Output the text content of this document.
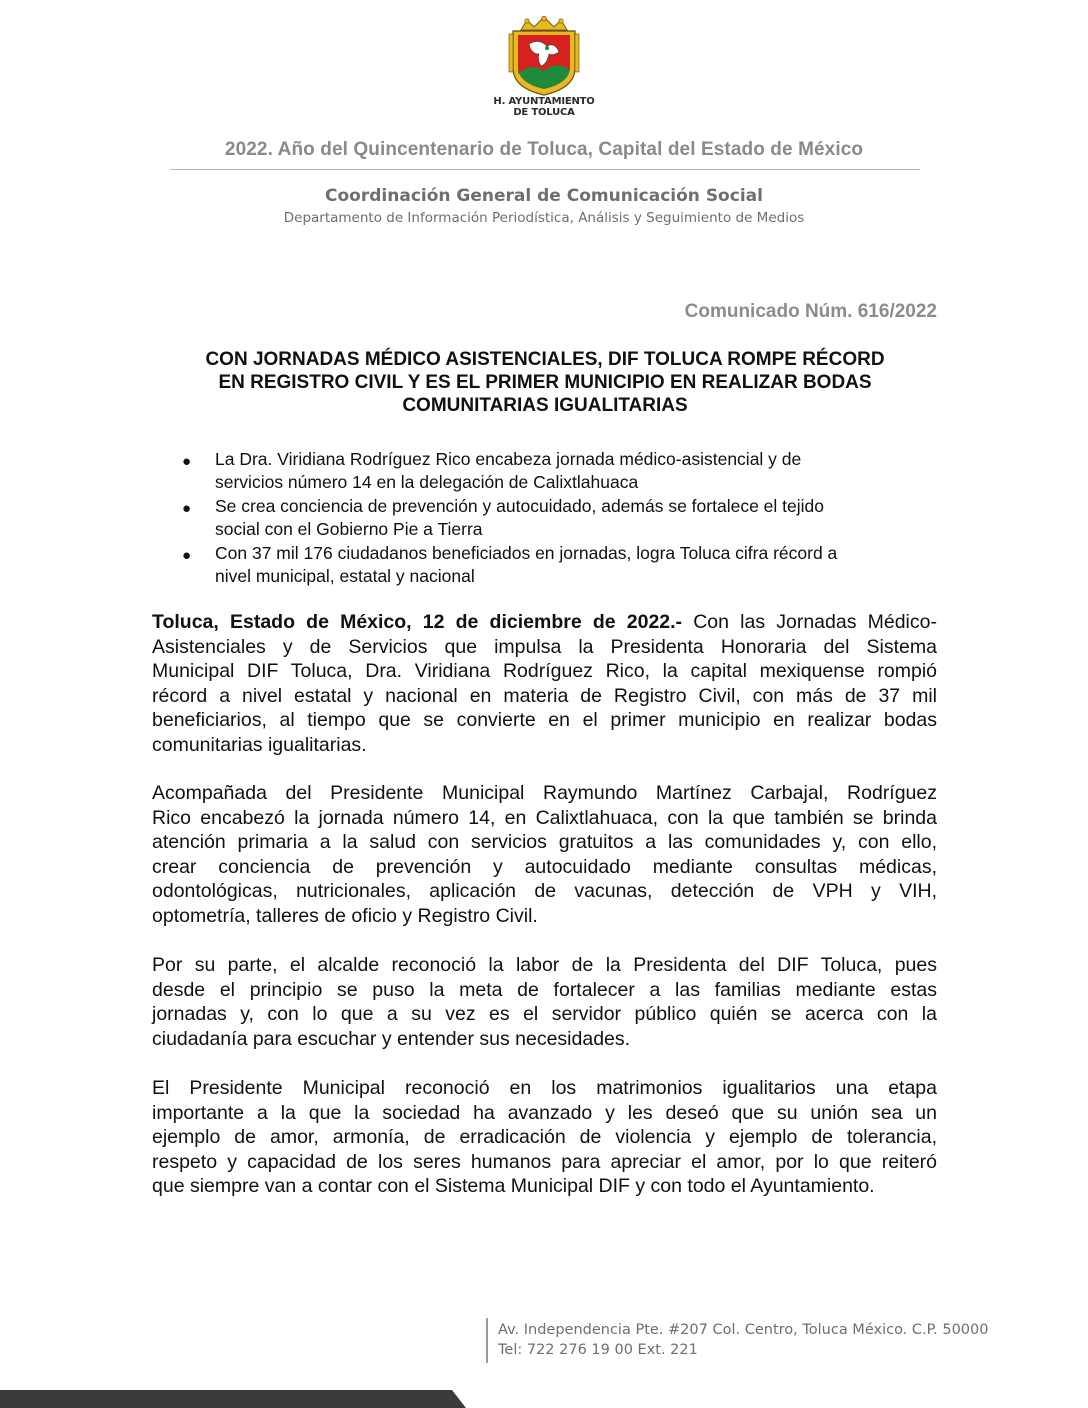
H. AYUNTAMIENTO
DE TOLUCA
2022. Año del Quincentenario de Toluca, Capital del Estado de México
Coordinación General de Comunicación Social
Departamento de Información Periodística, Análisis y Seguimiento de Medios
Comunicado Núm. 616/2022
CON JORNADAS MÉDICO ASISTENCIALES, DIF TOLUCA ROMPE RÉCORD
EN REGISTRO CIVIL Y ES EL PRIMER MUNICIPIO EN REALIZAR BODAS
COMUNITARIAS IGUALITARIAS
● La Dra. Viridiana Rodríguez Rico encabeza jornada médico-asistencial y de
servicios número 14 en la delegación de Calixtlahuaca
● Se crea conciencia de prevención y autocuidado, además se fortalece el tejido
social con el Gobierno Pie a Tierra
● Con 37 mil 176 ciudadanos beneficiados en jornadas, logra Toluca cifra récord a
nivel municipal, estatal y nacional
Toluca, Estado de México, 12 de diciembre de 2022.- Con las Jornadas Médico-
Asistenciales y de Servicios que impulsa la Presidenta Honoraria del Sistema
Municipal DIF Toluca, Dra. Viridiana Rodríguez Rico, la capital mexiquense rompió
récord a nivel estatal y nacional en materia de Registro Civil, con más de 37 mil
beneficiarios, al tiempo que se convierte en el primer municipio en realizar bodas
comunitarias igualitarias.
Acompañada del Presidente Municipal Raymundo Martínez Carbajal, Rodríguez
Rico encabezó la jornada número 14, en Calixtlahuaca, con la que también se brinda
atención primaria a la salud con servicios gratuitos a las comunidades y, con ello,
crear conciencia de prevención y autocuidado mediante consultas médicas,
odontológicas, nutricionales, aplicación de vacunas, detección de VPH y VIH,
optometría, talleres de oficio y Registro Civil.
Por su parte, el alcalde reconoció la labor de la Presidenta del DIF Toluca, pues
desde el principio se puso la meta de fortalecer a las familias mediante estas
jornadas y, con lo que a su vez es el servidor público quién se acerca con la
ciudadanía para escuchar y entender sus necesidades.
El Presidente Municipal reconoció en los matrimonios igualitarios una etapa
importante a la que la sociedad ha avanzado y les deseó que su unión sea un
ejemplo de amor, armonía, de erradicación de violencia y ejemplo de tolerancia,
respeto y capacidad de los seres humanos para apreciar el amor, por lo que reiteró
que siempre van a contar con el Sistema Municipal DIF y con todo el Ayuntamiento.
Av. Independencia Pte. #207 Col. Centro, Toluca México. C.P. 50000
Tel: 722 276 19 00 Ext. 221
